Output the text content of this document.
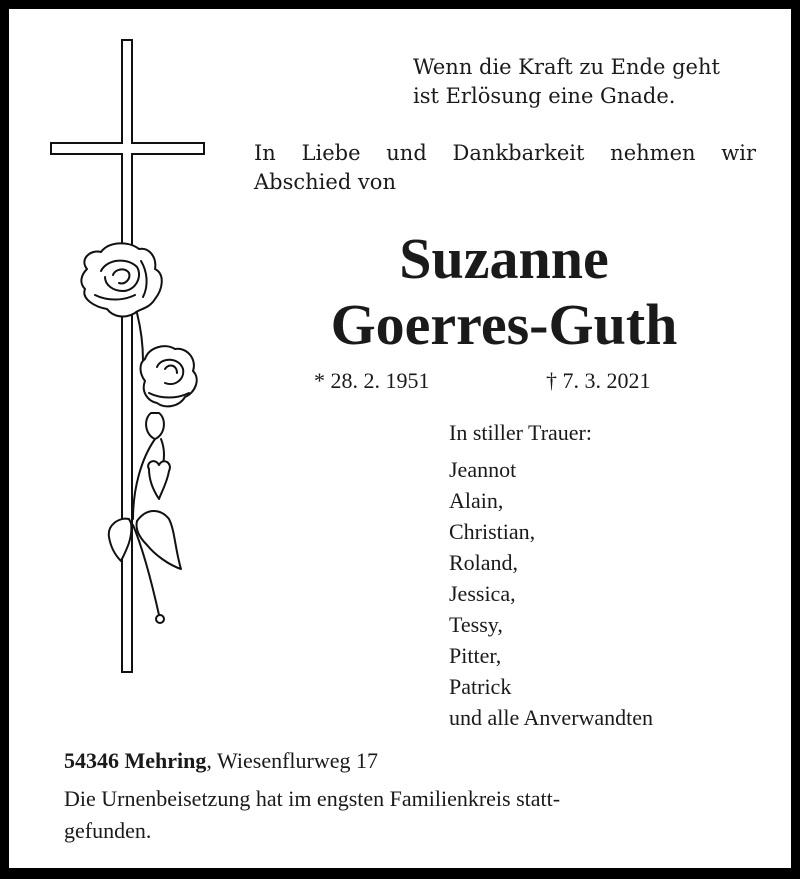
Wenn die Kraft zu Ende geht
ist Erlösung eine Gnade.
In Liebe und Dankbarkeit nehmen wir
Abschied von
Suzanne
Goerres-Guth
* 28. 2. 1951	† 7. 3. 2021
In stiller Trauer:
Jeannot
Alain,
Christian,
Roland,
Jessica,
Tessy,
Pitter,
Patrick
und alle Anverwandten
54346 Mehring, Wiesenflurweg 17
Die Urnenbeisetzung hat im engsten Familienkreis statt-
gefunden.
